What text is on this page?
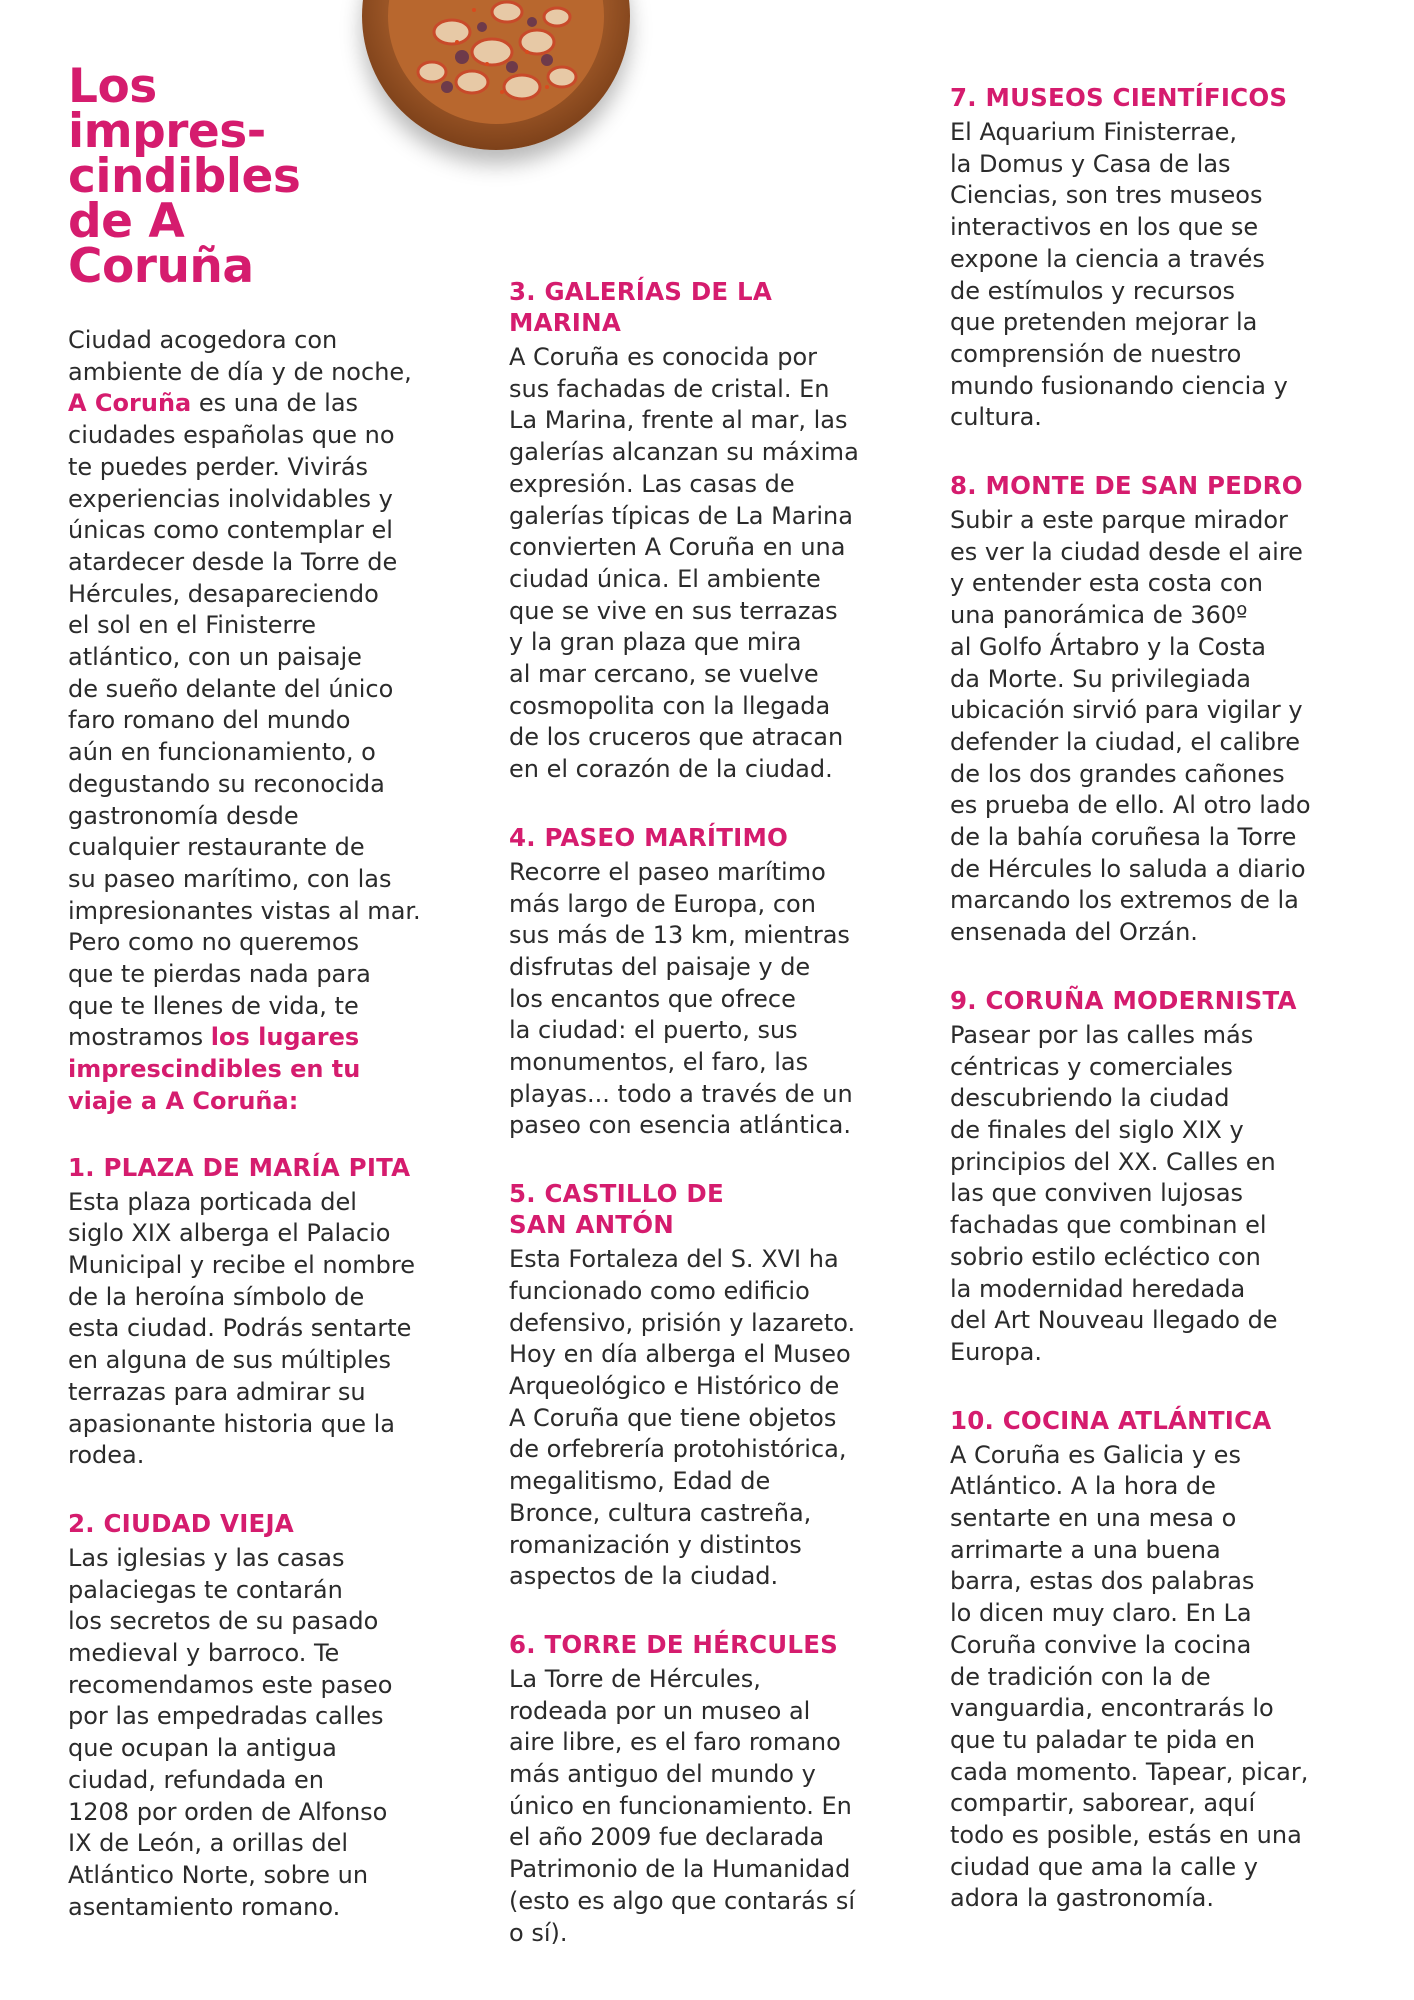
Los
impres-
cindibles
de A
Coruña

Ciudad acogedora con
ambiente de día y de noche,
A Coruña es una de las
ciudades españolas que no
te puedes perder. Vivirás
experiencias inolvidables y
únicas como contemplar el
atardecer desde la Torre de
Hércules, desapareciendo
el sol en el Finisterre
atlántico, con un paisaje
de sueño delante del único
faro romano del mundo
aún en funcionamiento, o
degustando su reconocida
gastronomía desde
cualquier restaurante de
su paseo marítimo, con las
impresionantes vistas al mar.
Pero como no queremos
que te pierdas nada para
que te llenes de vida, te
mostramos los lugares
imprescindibles en tu
viaje a A Coruña:

1. PLAZA DE MARÍA PITA

Esta plaza porticada del
siglo XIX alberga el Palacio
Municipal y recibe el nombre
de la heroína símbolo de
esta ciudad. Podrás sentarte
en alguna de sus múltiples
terrazas para admirar su
apasionante historia que la
rodea.

2. CIUDAD VIEJA

Las iglesias y las casas
palaciegas te contarán
los secretos de su pasado
medieval y barroco. Te
recomendamos este paseo
por las empedradas calles
que ocupan la antigua
ciudad, refundada en
1208 por orden de Alfonso
IX de León, a orillas del
Atlántico Norte, sobre un
asentamiento romano.

3. GALERÍAS DE LA
MARINA

A Coruña es conocida por
sus fachadas de cristal. En
La Marina, frente al mar, las
galerías alcanzan su máxima
expresión. Las casas de
galerías típicas de La Marina
convierten A Coruña en una
ciudad única. El ambiente
que se vive en sus terrazas
y la gran plaza que mira
al mar cercano, se vuelve
cosmopolita con la llegada
de los cruceros que atracan
en el corazón de la ciudad.

4. PASEO MARÍTIMO

Recorre el paseo marítimo
más largo de Europa, con
sus más de 13 km, mientras
disfrutas del paisaje y de
los encantos que ofrece
la ciudad: el puerto, sus
monumentos, el faro, las
playas... todo a través de un
paseo con esencia atlántica.

5. CASTILLO DE
SAN ANTÓN

Esta Fortaleza del S. XVI ha
funcionado como edificio
defensivo, prisión y lazareto.
Hoy en día alberga el Museo
Arqueológico e Histórico de
A Coruña que tiene objetos
de orfebrería protohistórica,
megalitismo, Edad de
Bronce, cultura castreña,
romanización y distintos
aspectos de la ciudad.

6. TORRE DE HÉRCULES

La Torre de Hércules,
rodeada por un museo al
aire libre, es el faro romano
más antiguo del mundo y
único en funcionamiento. En
el año 2009 fue declarada
Patrimonio de la Humanidad
(esto es algo que contarás sí
o sí).

7. MUSEOS CIENTÍFICOS

El Aquarium Finisterrae,
la Domus y Casa de las
Ciencias, son tres museos
interactivos en los que se
expone la ciencia a través
de estímulos y recursos
que pretenden mejorar la
comprensión de nuestro
mundo fusionando ciencia y
cultura.

8. MONTE DE SAN PEDRO

Subir a este parque mirador
es ver la ciudad desde el aire
y entender esta costa con
una panorámica de 360º
al Golfo Ártabro y la Costa
da Morte. Su privilegiada
ubicación sirvió para vigilar y
defender la ciudad, el calibre
de los dos grandes cañones
es prueba de ello. Al otro lado
de la bahía coruñesa la Torre
de Hércules lo saluda a diario
marcando los extremos de la
ensenada del Orzán.

9. CORUÑA MODERNISTA

Pasear por las calles más
céntricas y comerciales
descubriendo la ciudad
de finales del siglo XIX y
principios del XX. Calles en
las que conviven lujosas
fachadas que combinan el
sobrio estilo ecléctico con
la modernidad heredada
del Art Nouveau llegado de
Europa.

10. COCINA ATLÁNTICA

A Coruña es Galicia y es
Atlántico. A la hora de
sentarte en una mesa o
arrimarte a una buena
barra, estas dos palabras
lo dicen muy claro. En La
Coruña convive la cocina
de tradición con la de
vanguardia, encontrarás lo
que tu paladar te pida en
cada momento. Tapear, picar,
compartir, saborear, aquí
todo es posible, estás en una
ciudad que ama la calle y
adora la gastronomía.
